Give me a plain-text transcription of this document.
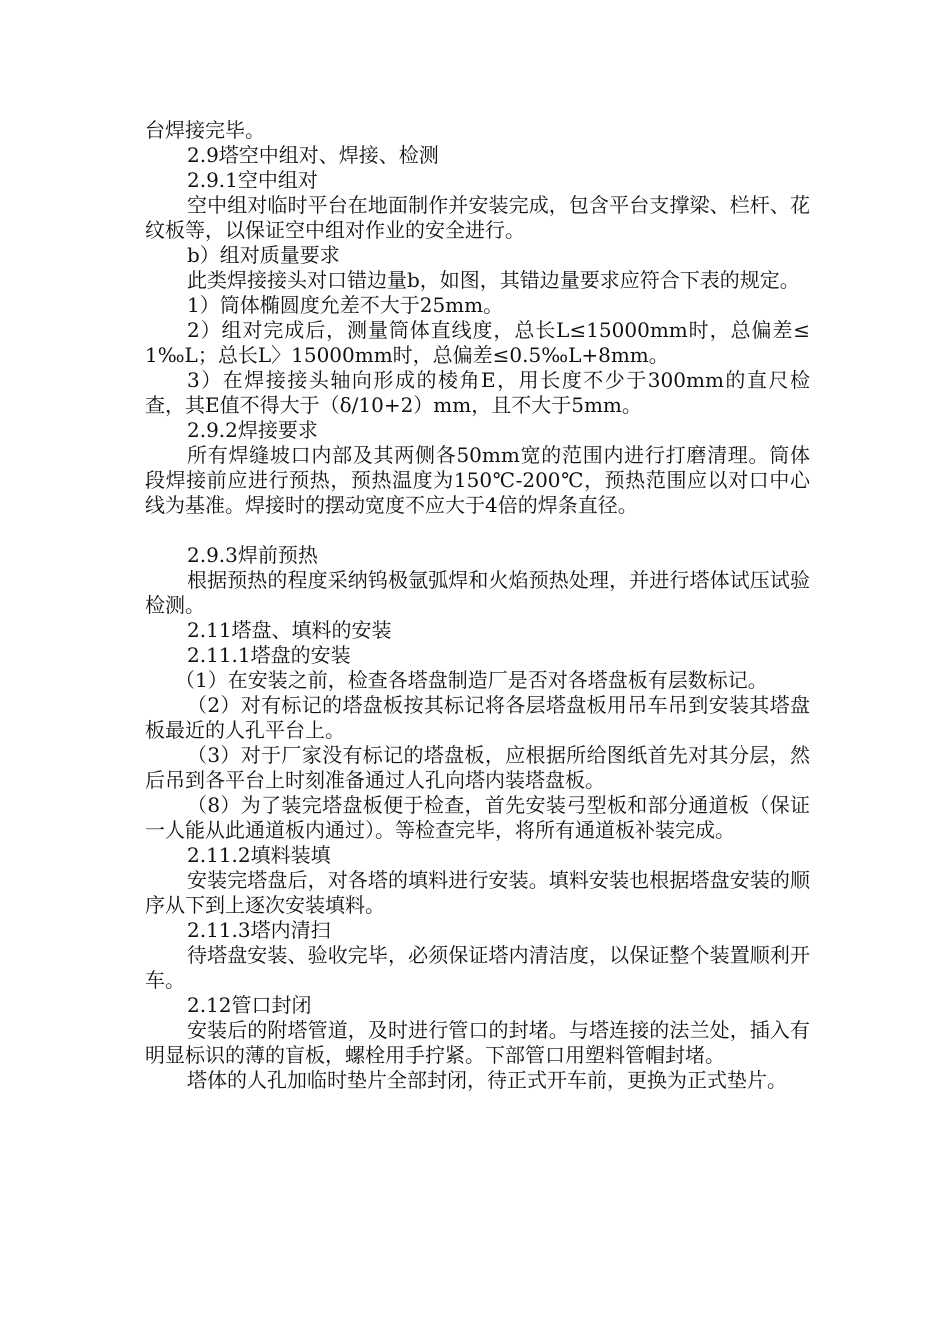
台焊接完毕。

2.9塔空中组对、焊接、检测

2.9.1空中组对

空中组对临时平台在地面制作并安装完成，包含平台支撑梁、栏杆、花纹板等，以保证空中组对作业的安全进行。

b）组对质量要求

此类焊接接头对口错边量b，如图，其错边量要求应符合下表的规定。

1）筒体椭圆度允差不大于25mm。

2）组对完成后，测量筒体直线度，总长L≤15000mm时，总偏差≤1‰L；总长L〉15000mm时，总偏差≤0.5‰L+8mm。

3）在焊接接头轴向形成的棱角E，用长度不少于300mm的直尺检查，其E值不得大于（δ/10+2）mm，且不大于5mm。

2.9.2焊接要求

所有焊缝坡口内部及其两侧各50mm宽的范围内进行打磨清理。筒体段焊接前应进行预热，预热温度为150℃-200℃，预热范围应以对口中心线为基准。焊接时的摆动宽度不应大于4倍的焊条直径。

2.9.3焊前预热

根据预热的程度采纳钨极氩弧焊和火焰预热处理，并进行塔体试压试验检测。

2.11塔盘、填料的安装

2.11.1塔盘的安装

（1）在安装之前，检查各塔盘制造厂是否对各塔盘板有层数标记。

（2）对有标记的塔盘板按其标记将各层塔盘板用吊车吊到安装其塔盘板最近的人孔平台上。

（3）对于厂家没有标记的塔盘板，应根据所给图纸首先对其分层，然后吊到各平台上时刻准备通过人孔向塔内装塔盘板。

（8）为了装完塔盘板便于检查，首先安装弓型板和部分通道板（保证一人能从此通道板内通过）。等检查完毕，将所有通道板补装完成。

2.11.2填料装填

安装完塔盘后，对各塔的填料进行安装。填料安装也根据塔盘安装的顺序从下到上逐次安装填料。

2.11.3塔内清扫

待塔盘安装、验收完毕，必须保证塔内清洁度，以保证整个装置顺利开车。

2.12管口封闭

安装后的附塔管道，及时进行管口的封堵。与塔连接的法兰处，插入有明显标识的薄的盲板，螺栓用手拧紧。下部管口用塑料管帽封堵。

塔体的人孔加临时垫片全部封闭，待正式开车前，更换为正式垫片。
